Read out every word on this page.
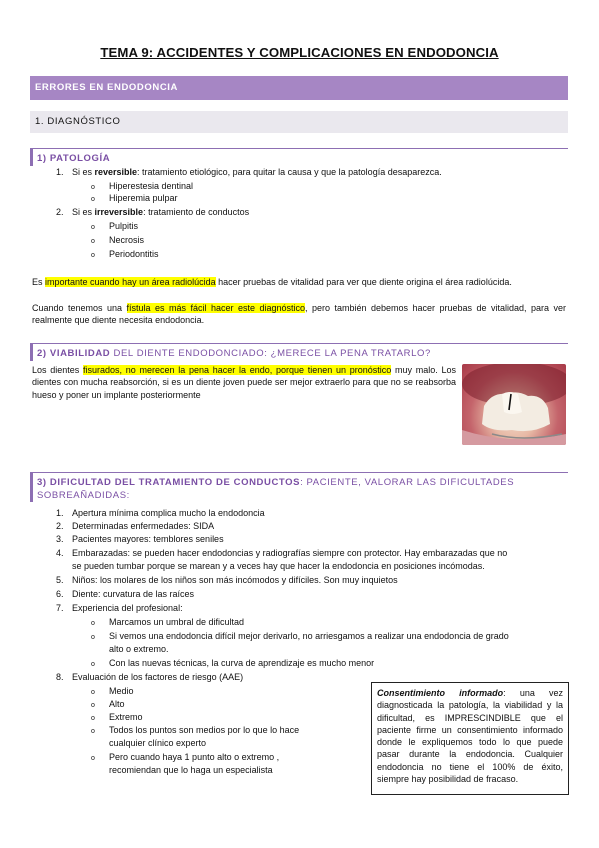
TEMA 9: ACCIDENTES Y COMPLICACIONES EN ENDODONCIA
ERRORES EN ENDODONCIA
1. DIAGNÓSTICO
1) PATOLOGÍA
1. Si es reversible: tratamiento etiológico, para quitar la causa y que la patología desaparezca.
o Hiperestesia dentinal
o Hiperemia pulpar
2. Si es irreversible: tratamiento de conductos
o Pulpitis
o Necrosis
o Periodontitis
Es importante cuando hay un área radiolúcida hacer pruebas de vitalidad para ver que diente origina el área radiolúcida.
Cuando tenemos una fístula es más fácil hacer este diagnóstico, pero también debemos hacer pruebas de vitalidad, para ver realmente que diente necesita endodoncia.
2) VIABILIDAD DEL DIENTE ENDODONCIADO: ¿MERECE LA PENA TRATARLO?
Los dientes fisurados, no merecen la pena hacer la endo, porque tienen un pronóstico muy malo. Los dientes con mucha reabsorción, si es un diente joven puede ser mejor extraerlo para que no se reabsorba hueso y poner un implante posteriormente
3) DIFICULTAD DEL TRATAMIENTO DE CONDUCTOS: PACIENTE, VALORAR LAS DIFICULTADES
SOBREAÑADIDAS:
1. Apertura mínima complica mucho la endodoncia
2. Determinadas enfermedades: SIDA
3. Pacientes mayores: temblores seniles
4. Embarazadas: se pueden hacer endodoncias y radiografías siempre con protector. Hay embarazadas que no
se pueden tumbar porque se marean y a veces hay que hacer la endodoncia en posiciones incómodas.
5. Niños: los molares de los niños son más incómodos y difíciles. Son muy inquietos
6. Diente: curvatura de las raíces
7. Experiencia del profesional:
o Marcamos un umbral de dificultad
o Si vemos una endodoncia difícil mejor derivarlo, no arriesgamos a realizar una endodoncia de grado
alto o extremo.
o Con las nuevas técnicas, la curva de aprendizaje es mucho menor
8. Evaluación de los factores de riesgo (AAE)
o Medio
o Alto
o Extremo
o Todos los puntos son medios por lo que lo hace
cualquier clínico experto
o Pero cuando haya 1 punto alto o extremo ,
recomiendan que lo haga un especialista
Consentimiento informado: una vez diagnosticada la patología, la viabilidad y la dificultad, es IMPRESCINDIBLE que el paciente firme un consentimiento informado donde le expliquemos todo lo que puede pasar durante la endodoncia. Cualquier endodoncia no tiene el 100% de éxito, siempre hay posibilidad de fracaso.
